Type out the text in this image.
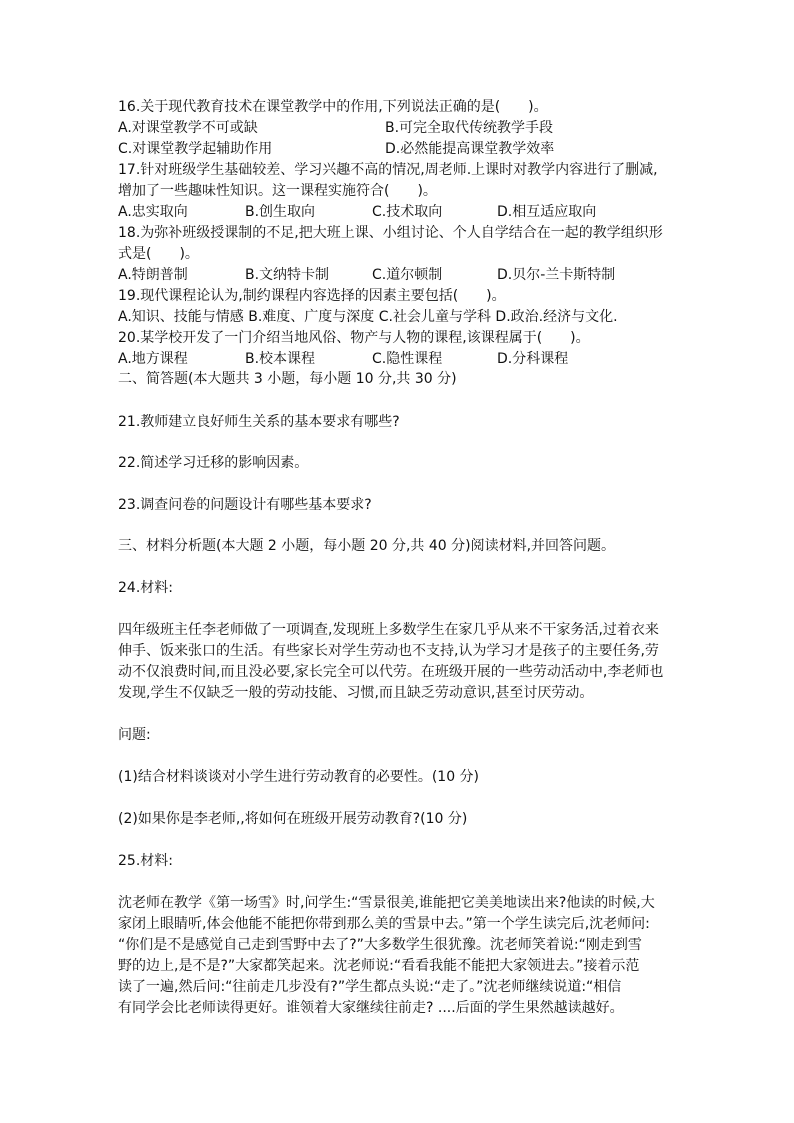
16.关于现代教育技术在课堂教学中的作用,下列说法正确的是(　　)。
A.对课堂教学不可或缺	B.可完全取代传统教学手段
C.对课堂教学起辅助作用	D.必然能提高课堂教学效率
17.针对班级学生基础较差、学习兴趣不高的情况,周老师.上课时对教学内容进行了删减,
增加了一些趣味性知识。这一课程实施符合(　　)。
A.忠实取向	B.创生取向	C.技术取向	D.相互适应取向
18.为弥补班级授课制的不足,把大班上课、小组讨论、个人自学结合在一起的教学组织形
式是(　　)。
A.特朗普制	B.文纳特卡制	C.道尔顿制	D.贝尔-兰卡斯特制
19.现代课程论认为,制约课程内容选择的因素主要包括(　　)。
A.知识、技能与情感 B.难度、广度与深度 C.社会儿童与学科 D.政治.经济与文化.
20.某学校开发了一门介绍当地风俗、物产与人物的课程,该课程属于(　　)。
A.地方课程	B.校本课程	C.隐性课程	D.分科课程
二、简答题(本大题共 3 小题，每小题 10 分,共 30 分)
21.教师建立良好师生关系的基本要求有哪些?
22.简述学习迁移的影响因素。
23.调查问卷的问题设计有哪些基本要求?
三、材料分析题(本大题 2 小题，每小题 20 分,共 40 分)阅读材料,并回答问题。
24.材料:
四年级班主任李老师做了一项调查,发现班上多数学生在家几乎从来不干家务活,过着衣来
伸手、饭来张口的生活。有些家长对学生劳动也不支持,认为学习才是孩子的主要任务,劳
动不仅浪费时间,而且没必要,家长完全可以代劳。在班级开展的一些劳动活动中,李老师也
发现,学生不仅缺乏一般的劳动技能、习惯,而且缺乏劳动意识,甚至讨厌劳动。
问题:
(1)结合材料谈谈对小学生进行劳动教育的必要性。(10 分)
(2)如果你是李老师,,将如何在班级开展劳动教育?(10 分)
25.材料:
沈老师在教学《第一场雪》时,问学生:“雪景很美,谁能把它美美地读出来?他读的时候,大
家闭上眼睛听,体会他能不能把你带到那么美的雪景中去。”第一个学生读完后,沈老师问:
“你们是不是感觉自己走到雪野中去了?”大多数学生很犹豫。沈老师笑着说:“刚走到雪
野的边上,是不是?”大家都笑起来。沈老师说:“看看我能不能把大家领进去。”接着示范
读了一遍,然后问:“往前走几步没有?”学生都点头说:“走了。”沈老师继续说道:“相信
有同学会比老师读得更好。谁领着大家继续往前走? ....后面的学生果然越读越好。
